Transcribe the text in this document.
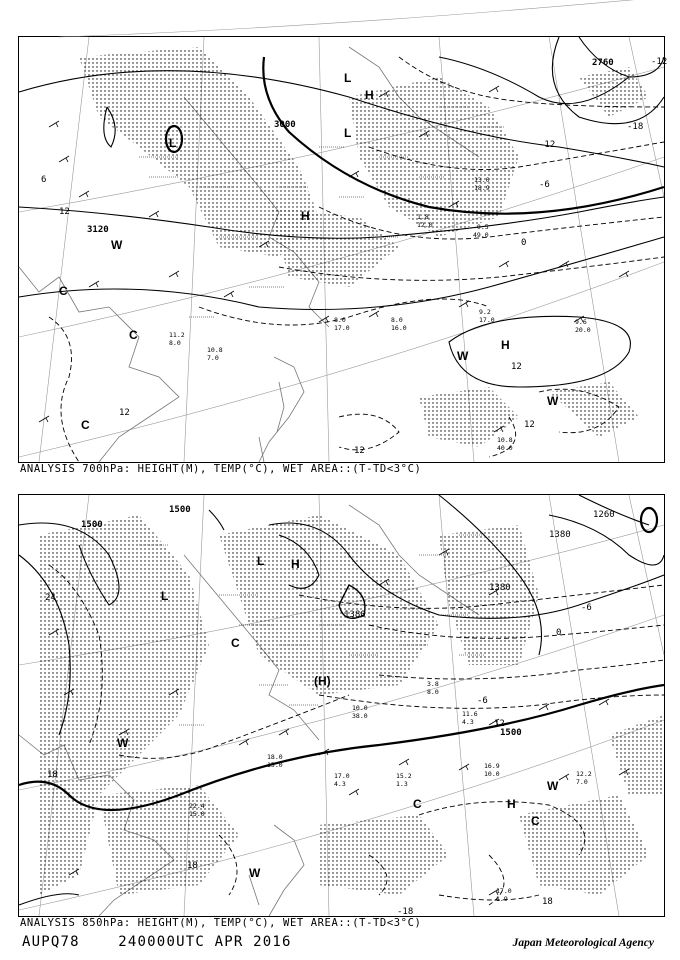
H
H
H
L
L
L
W
W
W
C
C
C
3000
3120
2760
-12
-18
-6
0
6
12
12
12
12
12
-12
9.2
17.0	9.6
20.0
8.0
16.0
8.0
17.0
10.8
40.0
11.2
8.0
10.8
7.0
1.8
12.0	-0.5
49.0
13.0
18.9
ANALYSIS 700hPa: HEIGHT(M), TEMP(°C), WET AREA::(T-TD<3°C)
H
(H)
H
L
L
W
W
W
C
C
C
1500
1500
1500
1380
1380
1380
1260
24
18
18
-6
-6
0
12
-18
18
15.2
1.3
16.9
10.0	12.2
7.0
17.0
4.3
22.4
15.0
17.0
1.9
18.0
15.0
10.0
38.0
3.8
8.0
11.6
4.3
ANALYSIS 850hPa: HEIGHT(M), TEMP(°C), WET AREA::(T-TD<3°C)
AUPQ78	240000UTC APR 2016	Japan Meteorological Agency
